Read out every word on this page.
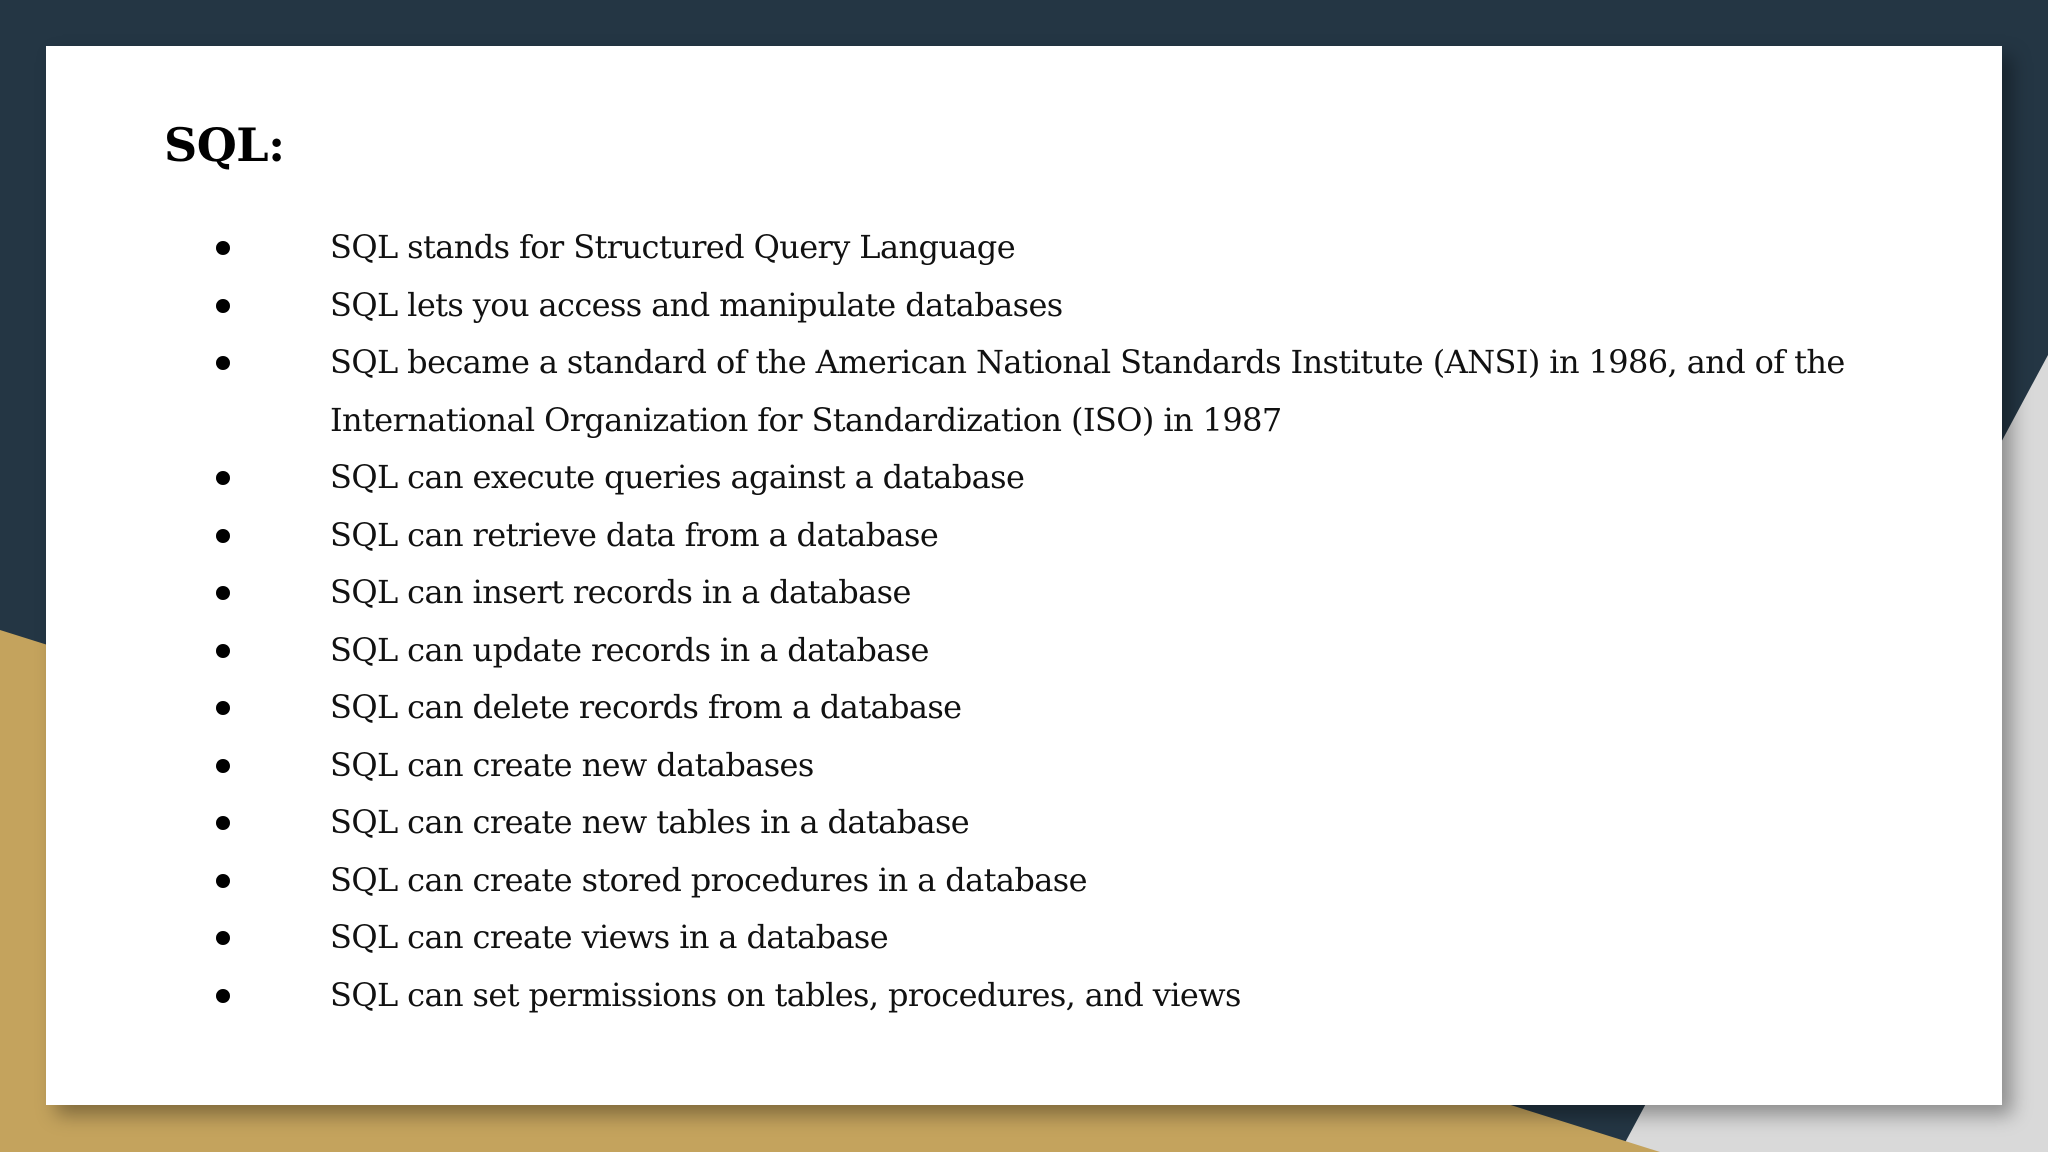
SQL:
SQL stands for Structured Query Language
SQL lets you access and manipulate databases
SQL became a standard of the American National Standards Institute (ANSI) in 1986, and of the International Organization for Standardization (ISO) in 1987
SQL can execute queries against a database
SQL can retrieve data from a database
SQL can insert records in a database
SQL can update records in a database
SQL can delete records from a database
SQL can create new databases
SQL can create new tables in a database
SQL can create stored procedures in a database
SQL can create views in a database
SQL can set permissions on tables, procedures, and views
